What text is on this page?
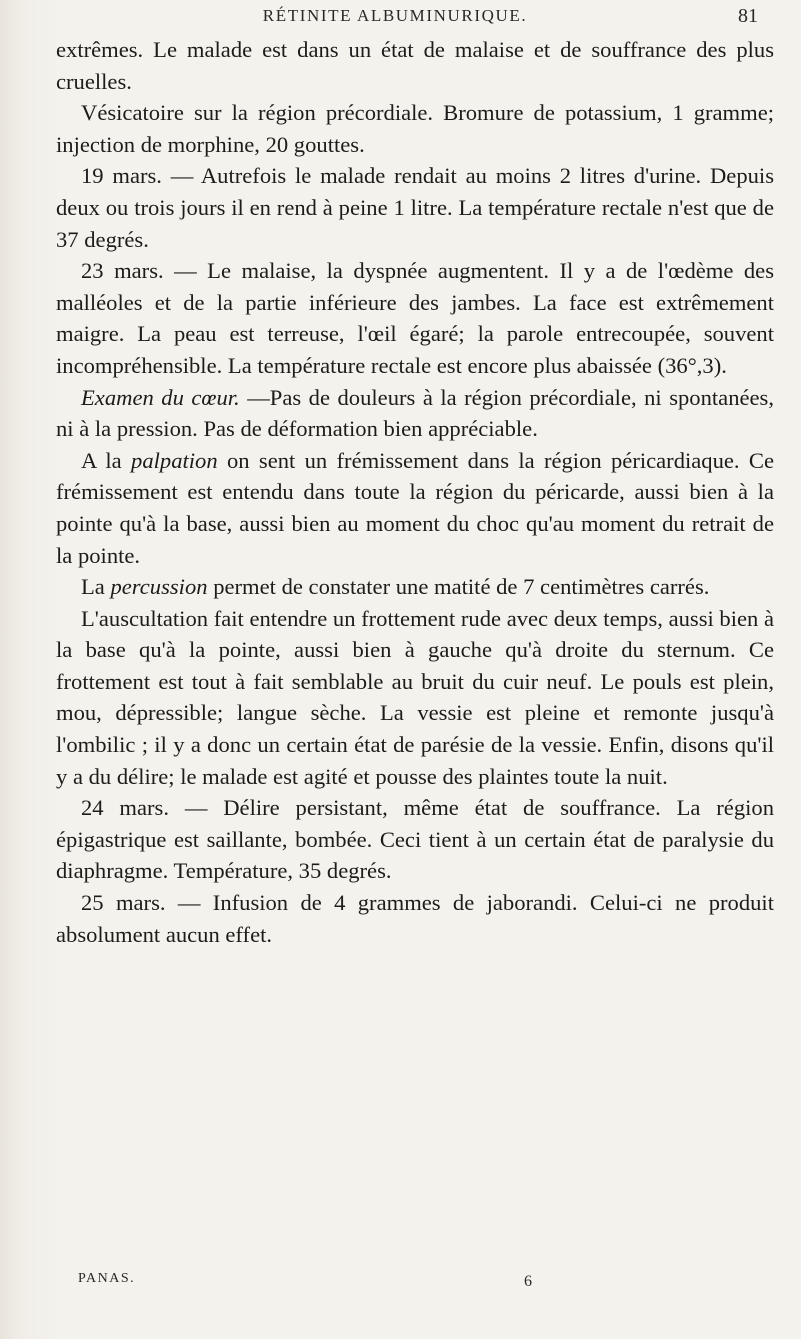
RÉTINITE ALBUMINURIQUE.	81

extrêmes. Le malade est dans un état de malaise et de souffrance des plus cruelles.

Vésicatoire sur la région précordiale. Bromure de potassium, 1 gramme; injection de morphine, 20 gouttes.

19 mars. — Autrefois le malade rendait au moins 2 litres d'urine. Depuis deux ou trois jours il en rend à peine 1 litre. La température rectale n'est que de 37 degrés.

23 mars. — Le malaise, la dyspnée augmentent. Il y a de l'œdème des malléoles et de la partie inférieure des jambes. La face est extrêmement maigre. La peau est terreuse, l'œil égaré; la parole entrecoupée, souvent incompréhensible. La température rectale est encore plus abaissée (36°,3).

Examen du cœur. —Pas de douleurs à la région précordiale, ni spontanées, ni à la pression. Pas de déformation bien appréciable.

A la palpation on sent un frémissement dans la région péricardiaque. Ce frémissement est entendu dans toute la région du péricarde, aussi bien à la pointe qu'à la base, aussi bien au moment du choc qu'au moment du retrait de la pointe.

La percussion permet de constater une matité de 7 centimètres carrés.

L'auscultation fait entendre un frottement rude avec deux temps, aussi bien à la base qu'à la pointe, aussi bien à gauche qu'à droite du sternum. Ce frottement est tout à fait semblable au bruit du cuir neuf. Le pouls est plein, mou, dépressible; langue sèche. La vessie est pleine et remonte jusqu'à l'ombilic ; il y a donc un certain état de parésie de la vessie. Enfin, disons qu'il y a du délire; le malade est agité et pousse des plaintes toute la nuit.

24 mars. — Délire persistant, même état de souffrance. La région épigastrique est saillante, bombée. Ceci tient à un certain état de paralysie du diaphragme. Température, 35 degrés.

25 mars. — Infusion de 4 grammes de jaborandi. Celui-ci ne produit absolument aucun effet.

PANAS.	6
